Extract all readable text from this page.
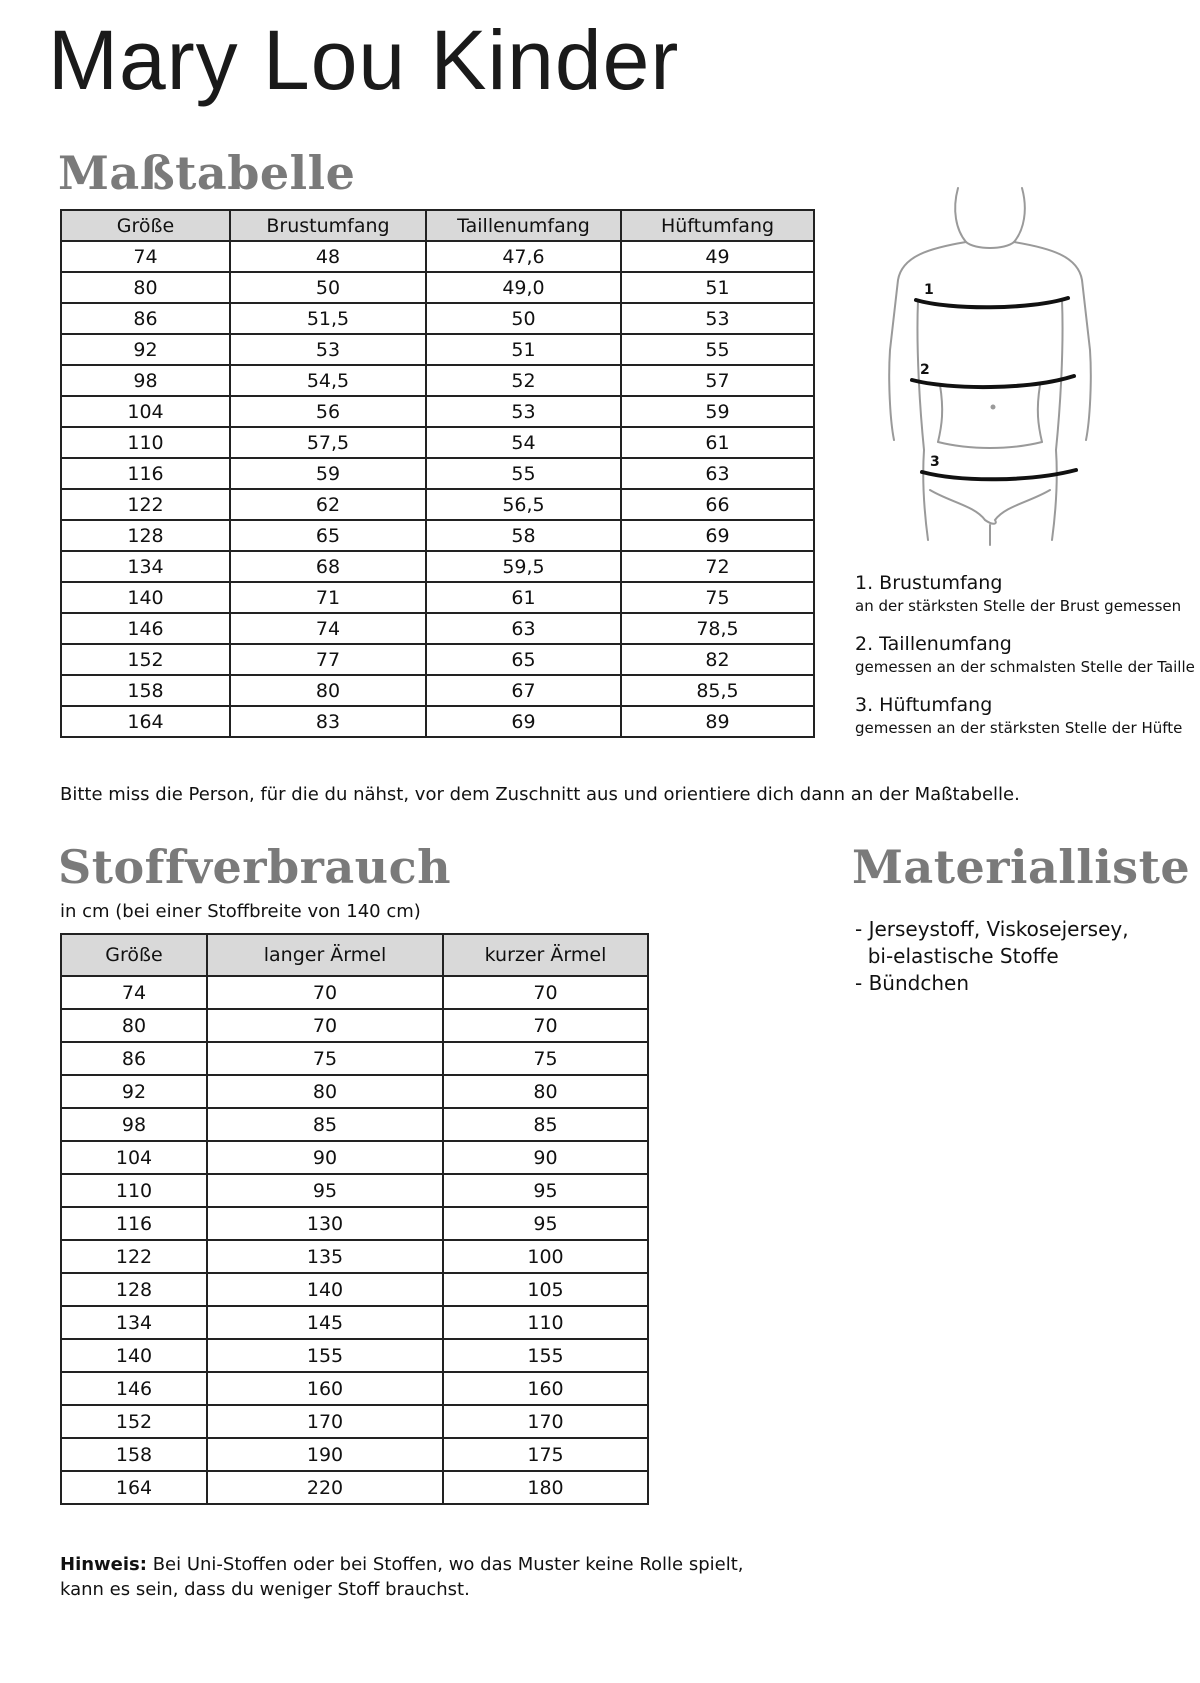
Mary Lou Kinder
Maßtabelle
Größe	Brustumfang	Taillenumfang	Hüftumfang
74	48	47,6	49
80	50	49,0	51
86	51,5	50	53
92	53	51	55
98	54,5	52	57
104	56	53	59
110	57,5	54	61
116	59	55	63
122	62	56,5	66
128	65	58	69
134	68	59,5	72
140	71	61	75
146	74	63	78,5
152	77	65	82
158	80	67	85,5
164	83	69	89

Bitte miss die Person, für die du nähst, vor dem Zuschnitt aus und orientiere dich dann an der Maßtabelle.

1
2
3

1. Brustumfang

an der stärksten Stelle der Brust gemessen

2. Taillenumfang

gemessen an der schmalsten Stelle der Taille

3. Hüftumfang

gemessen an der stärksten Stelle der Hüfte

Stoffverbrauch

in cm (bei einer Stoffbreite von 140 cm)

Größe	langer Ärmel	kurzer Ärmel
74	70	70
80	70	70
86	75	75
92	80	80
98	85	85
104	90	90
110	95	95
116	130	95
122	135	100
128	140	105
134	145	110
140	155	155
146	160	160
152	170	170
158	190	175
164	220	180

Hinweis: Bei Uni-Stoffen oder bei Stoffen, wo das Muster keine Rolle spielt, kann es sein, dass du weniger Stoff brauchst.

Materialliste
- Jerseystoff, Viskosejersey,
bi-elastische Stoffe
- Bündchen
